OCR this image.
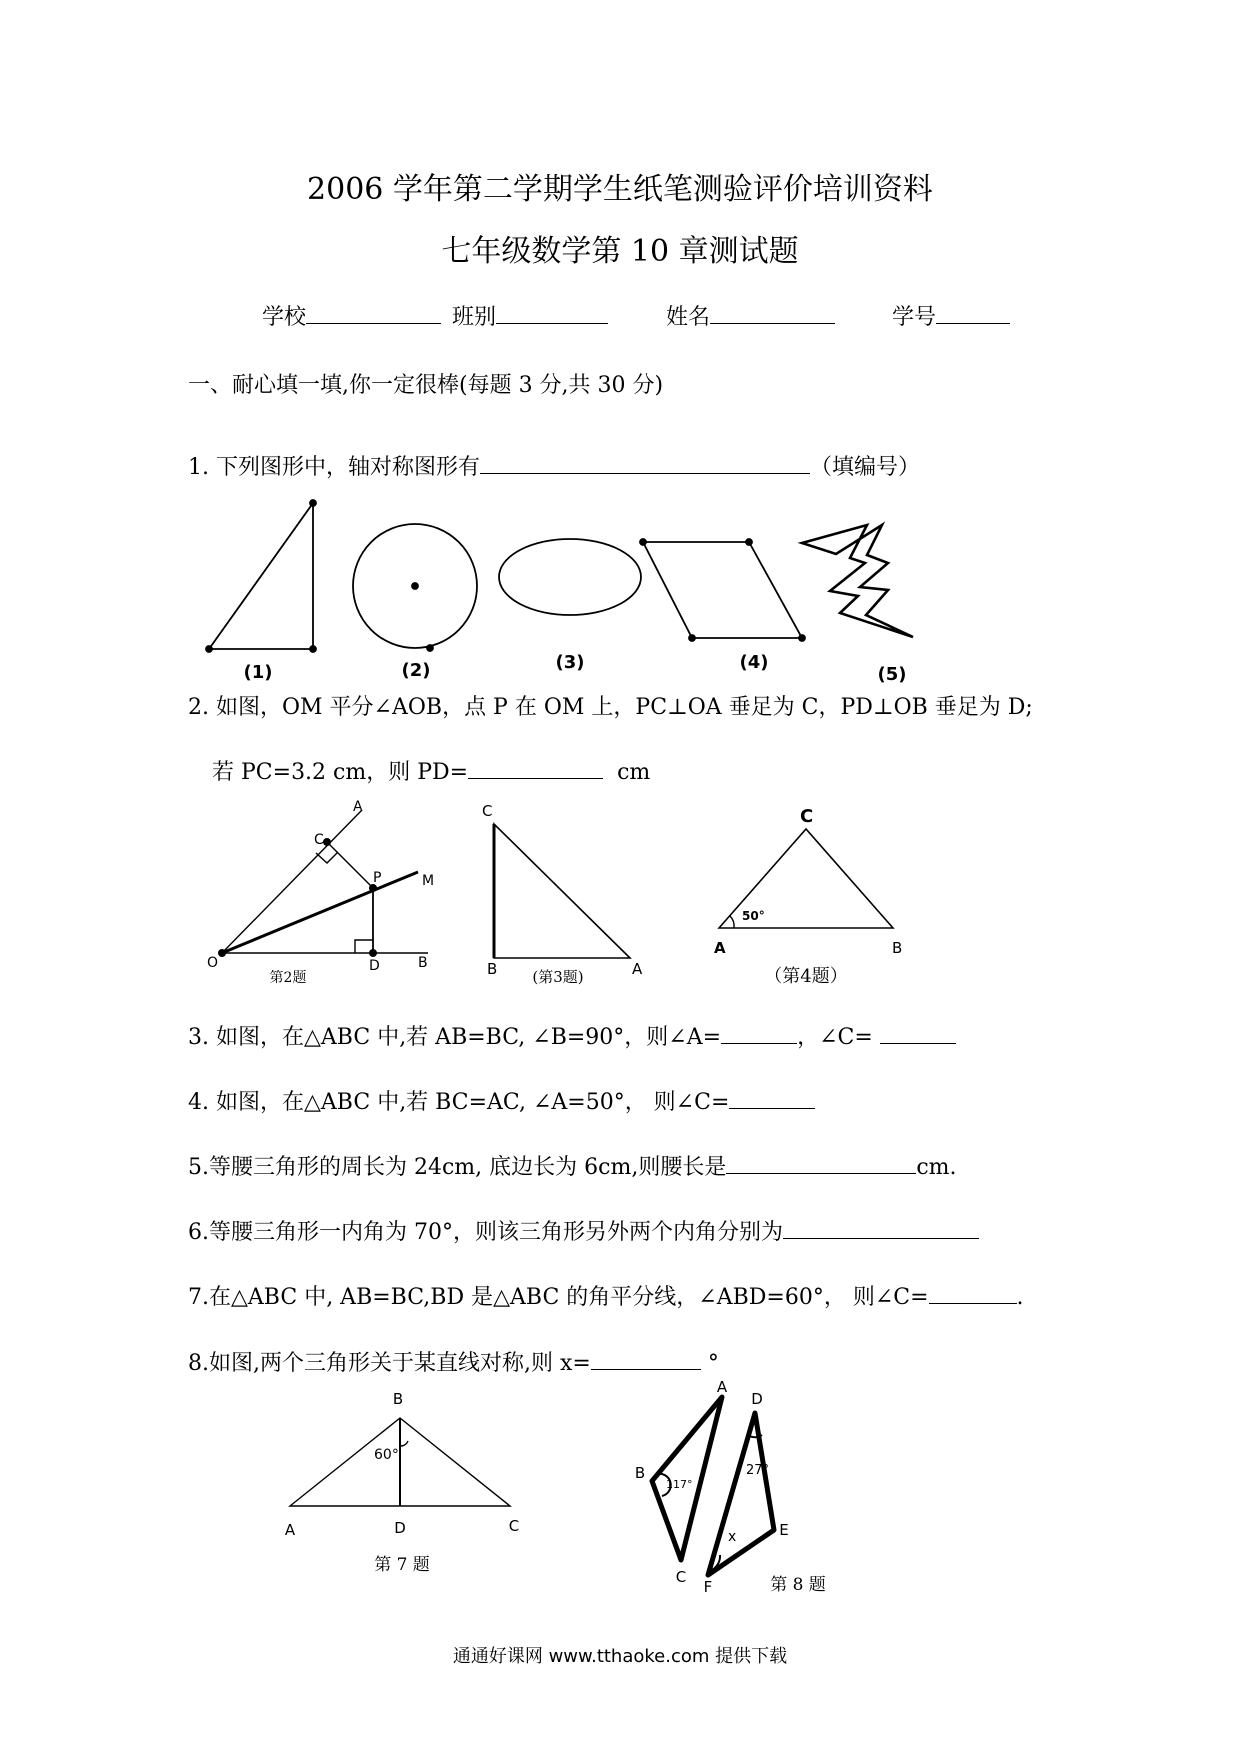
2006 学年第二学期学生纸笔测验评价培训资料
七年级数学第 10 章测试题
学校	班别	姓名	学号
一、耐心填一填,你一定很棒(每题 3 分,共 30 分)
1. 下列图形中，轴对称图形有	（填编号）
2. 如图，OM 平分∠AOB，点 P 在 OM 上，PC⊥OA 垂足为 C，PD⊥OB 垂足为 D;
若 PC=3.2 cm，则 PD=	cm
3. 如图，在△ABC 中,若 AB=BC, ∠B=90°，则∠A=	，∠C=
4. 如图，在△ABC 中,若 BC=AC, ∠A=50°， 则∠C=
5.等腰三角形的周长为 24cm, 底边长为 6cm,则腰长是	cm.
6.等腰三角形一内角为 70°，则该三角形另外两个内角分别为
7.在△ABC 中, AB=BC,BD 是△ABC 的角平分线，∠ABD=60°， 则∠C=	.
8.如图,两个三角形关于某直线对称,则 x=	°
(1)	(2)	(3)	(4)
(5)
A
C
P	M
O	D	B
第2题
C
B	A
(第3题)
C
A	B
50°
（第4题）
B
A	D	C
60°
第 7 题
A
B
C
D
E
F
117°
27°
x
第 8 题
通通好课网 www.tthaoke.com 提供下载
